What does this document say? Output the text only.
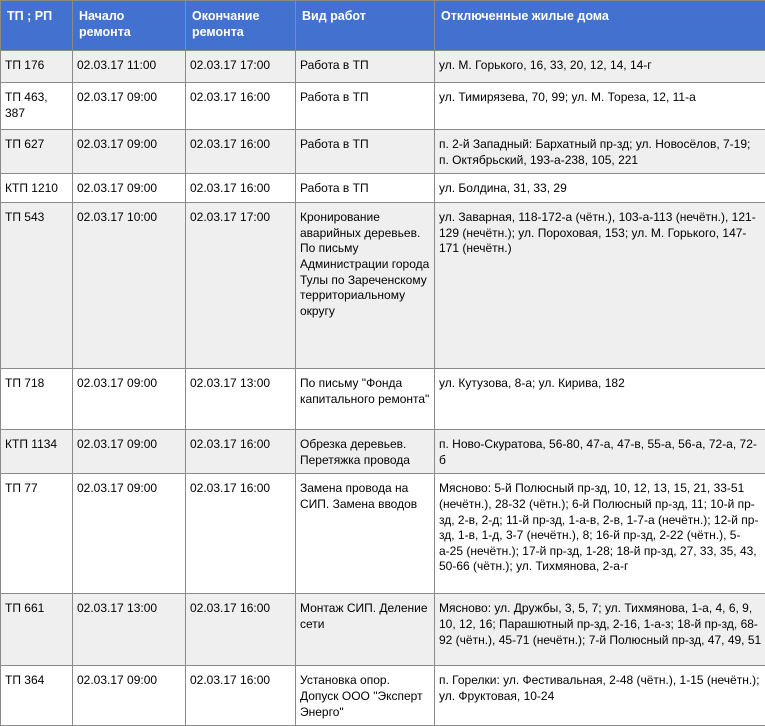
ТП ; РП	Начало ремонта	Окончание ремонта	Вид работ	Отключенные жилые дома
ТП 176	02.03.17 11:00	02.03.17 17:00	Работа в ТП	ул. М. Горького, 16, 33, 20, 12, 14, 14-г
ТП 463, 387	02.03.17 09:00	02.03.17 16:00	Работа в ТП	ул. Тимирязева, 70, 99; ул. М. Тореза, 12, 11-а
ТП 627	02.03.17 09:00	02.03.17 16:00	Работа в ТП	п. 2-й Западный: Бархатный пр-зд; ул. Новосёлов, 7-19; п. Октябрьский, 193-а-238, 105, 221
КТП 1210	02.03.17 09:00	02.03.17 16:00	Работа в ТП	ул. Болдина, 31, 33, 29
ТП 543	02.03.17 10:00	02.03.17 17:00	Кронирование аварийных деревьев. По письму Администрации города Тулы по Зареченскому территориальному округу	ул. Заварная, 118-172-а (чётн.), 103-а-113 (нечётн.), 121-129 (нечётн.); ул. Пороховая, 153; ул. М. Горького, 147-171 (нечётн.)
ТП 718	02.03.17 09:00	02.03.17 13:00	По письму "Фонда капитального ремонта"	ул. Кутузова, 8-а; ул. Кирива, 182
КТП 1134	02.03.17 09:00	02.03.17 16:00	Обрезка деревьев. Перетяжка провода	п. Ново-Скуратова, 56-80, 47-а, 47-в, 55-а, 56-а, 72-а, 72-б
ТП 77	02.03.17 09:00	02.03.17 16:00	Замена провода на СИП. Замена вводов	Мясново: 5-й Полюсный пр-зд, 10, 12, 13, 15, 21, 33-51 (нечётн.), 28-32 (чётн.); 6-й Полюсный пр-зд, 11; 10-й пр-зд, 2-в, 2-д; 11-й пр-зд, 1-а-в, 2-в, 1-7-а (нечётн.); 12-й пр-зд, 1-в, 1-д, 3-7 (нечётн.), 8; 16-й пр-зд, 2-22 (чётн.), 5-а-25 (нечётн.); 17-й пр-зд, 1-28; 18-й пр-зд, 27, 33, 35, 43, 50-66 (чётн.); ул. Тихмянова, 2-а-г
ТП 661	02.03.17 13:00	02.03.17 16:00	Монтаж СИП. Деление сети	Мясново: ул. Дружбы, 3, 5, 7; ул. Тихмянова, 1-а, 4, 6, 9, 10, 12, 16; Парашютный пр-зд, 2-16, 1-а-з; 18-й пр-зд, 68-92 (чётн.), 45-71 (нечётн.); 7-й Полюсный пр-зд, 47, 49, 51
ТП 364	02.03.17 09:00	02.03.17 16:00	Установка опор. Допуск ООО "Эксперт Энерго"	п. Горелки: ул. Фестивальная, 2-48 (чётн.), 1-15 (нечётн.); ул. Фруктовая, 10-24
